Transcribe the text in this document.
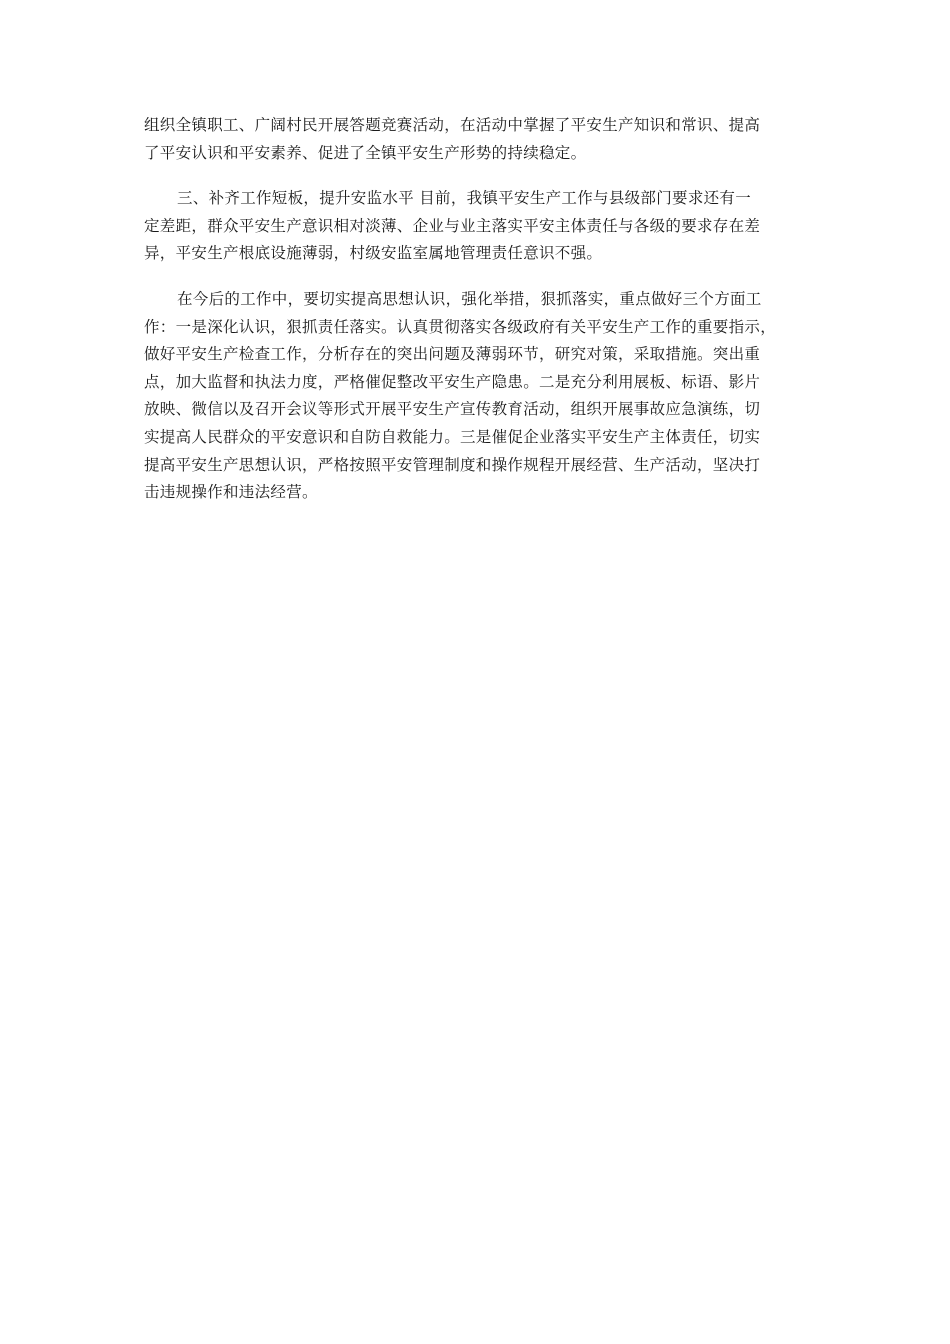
组织全镇职工、广阔村民开展答题竞赛活动，在活动中掌握了平安生产知识和常识、提高
了平安认识和平安素养、促进了全镇平安生产形势的持续稳定。

三、补齐工作短板，提升安监水平 目前，我镇平安生产工作与县级部门要求还有一
定差距，群众平安生产意识相对淡薄、企业与业主落实平安主体责任与各级的要求存在差
异，平安生产根底设施薄弱，村级安监室属地管理责任意识不强。

在今后的工作中，要切实提高思想认识，强化举措，狠抓落实，重点做好三个方面工
作：一是深化认识，狠抓责任落实。认真贯彻落实各级政府有关平安生产工作的重要指示，
做好平安生产检查工作，分析存在的突出问题及薄弱环节，研究对策，采取措施。突出重
点，加大监督和执法力度，严格催促整改平安生产隐患。二是充分利用展板、标语、影片
放映、微信以及召开会议等形式开展平安生产宣传教育活动，组织开展事故应急演练，切
实提高人民群众的平安意识和自防自救能力。三是催促企业落实平安生产主体责任，切实
提高平安生产思想认识，严格按照平安管理制度和操作规程开展经营、生产活动，坚决打
击违规操作和违法经营。
